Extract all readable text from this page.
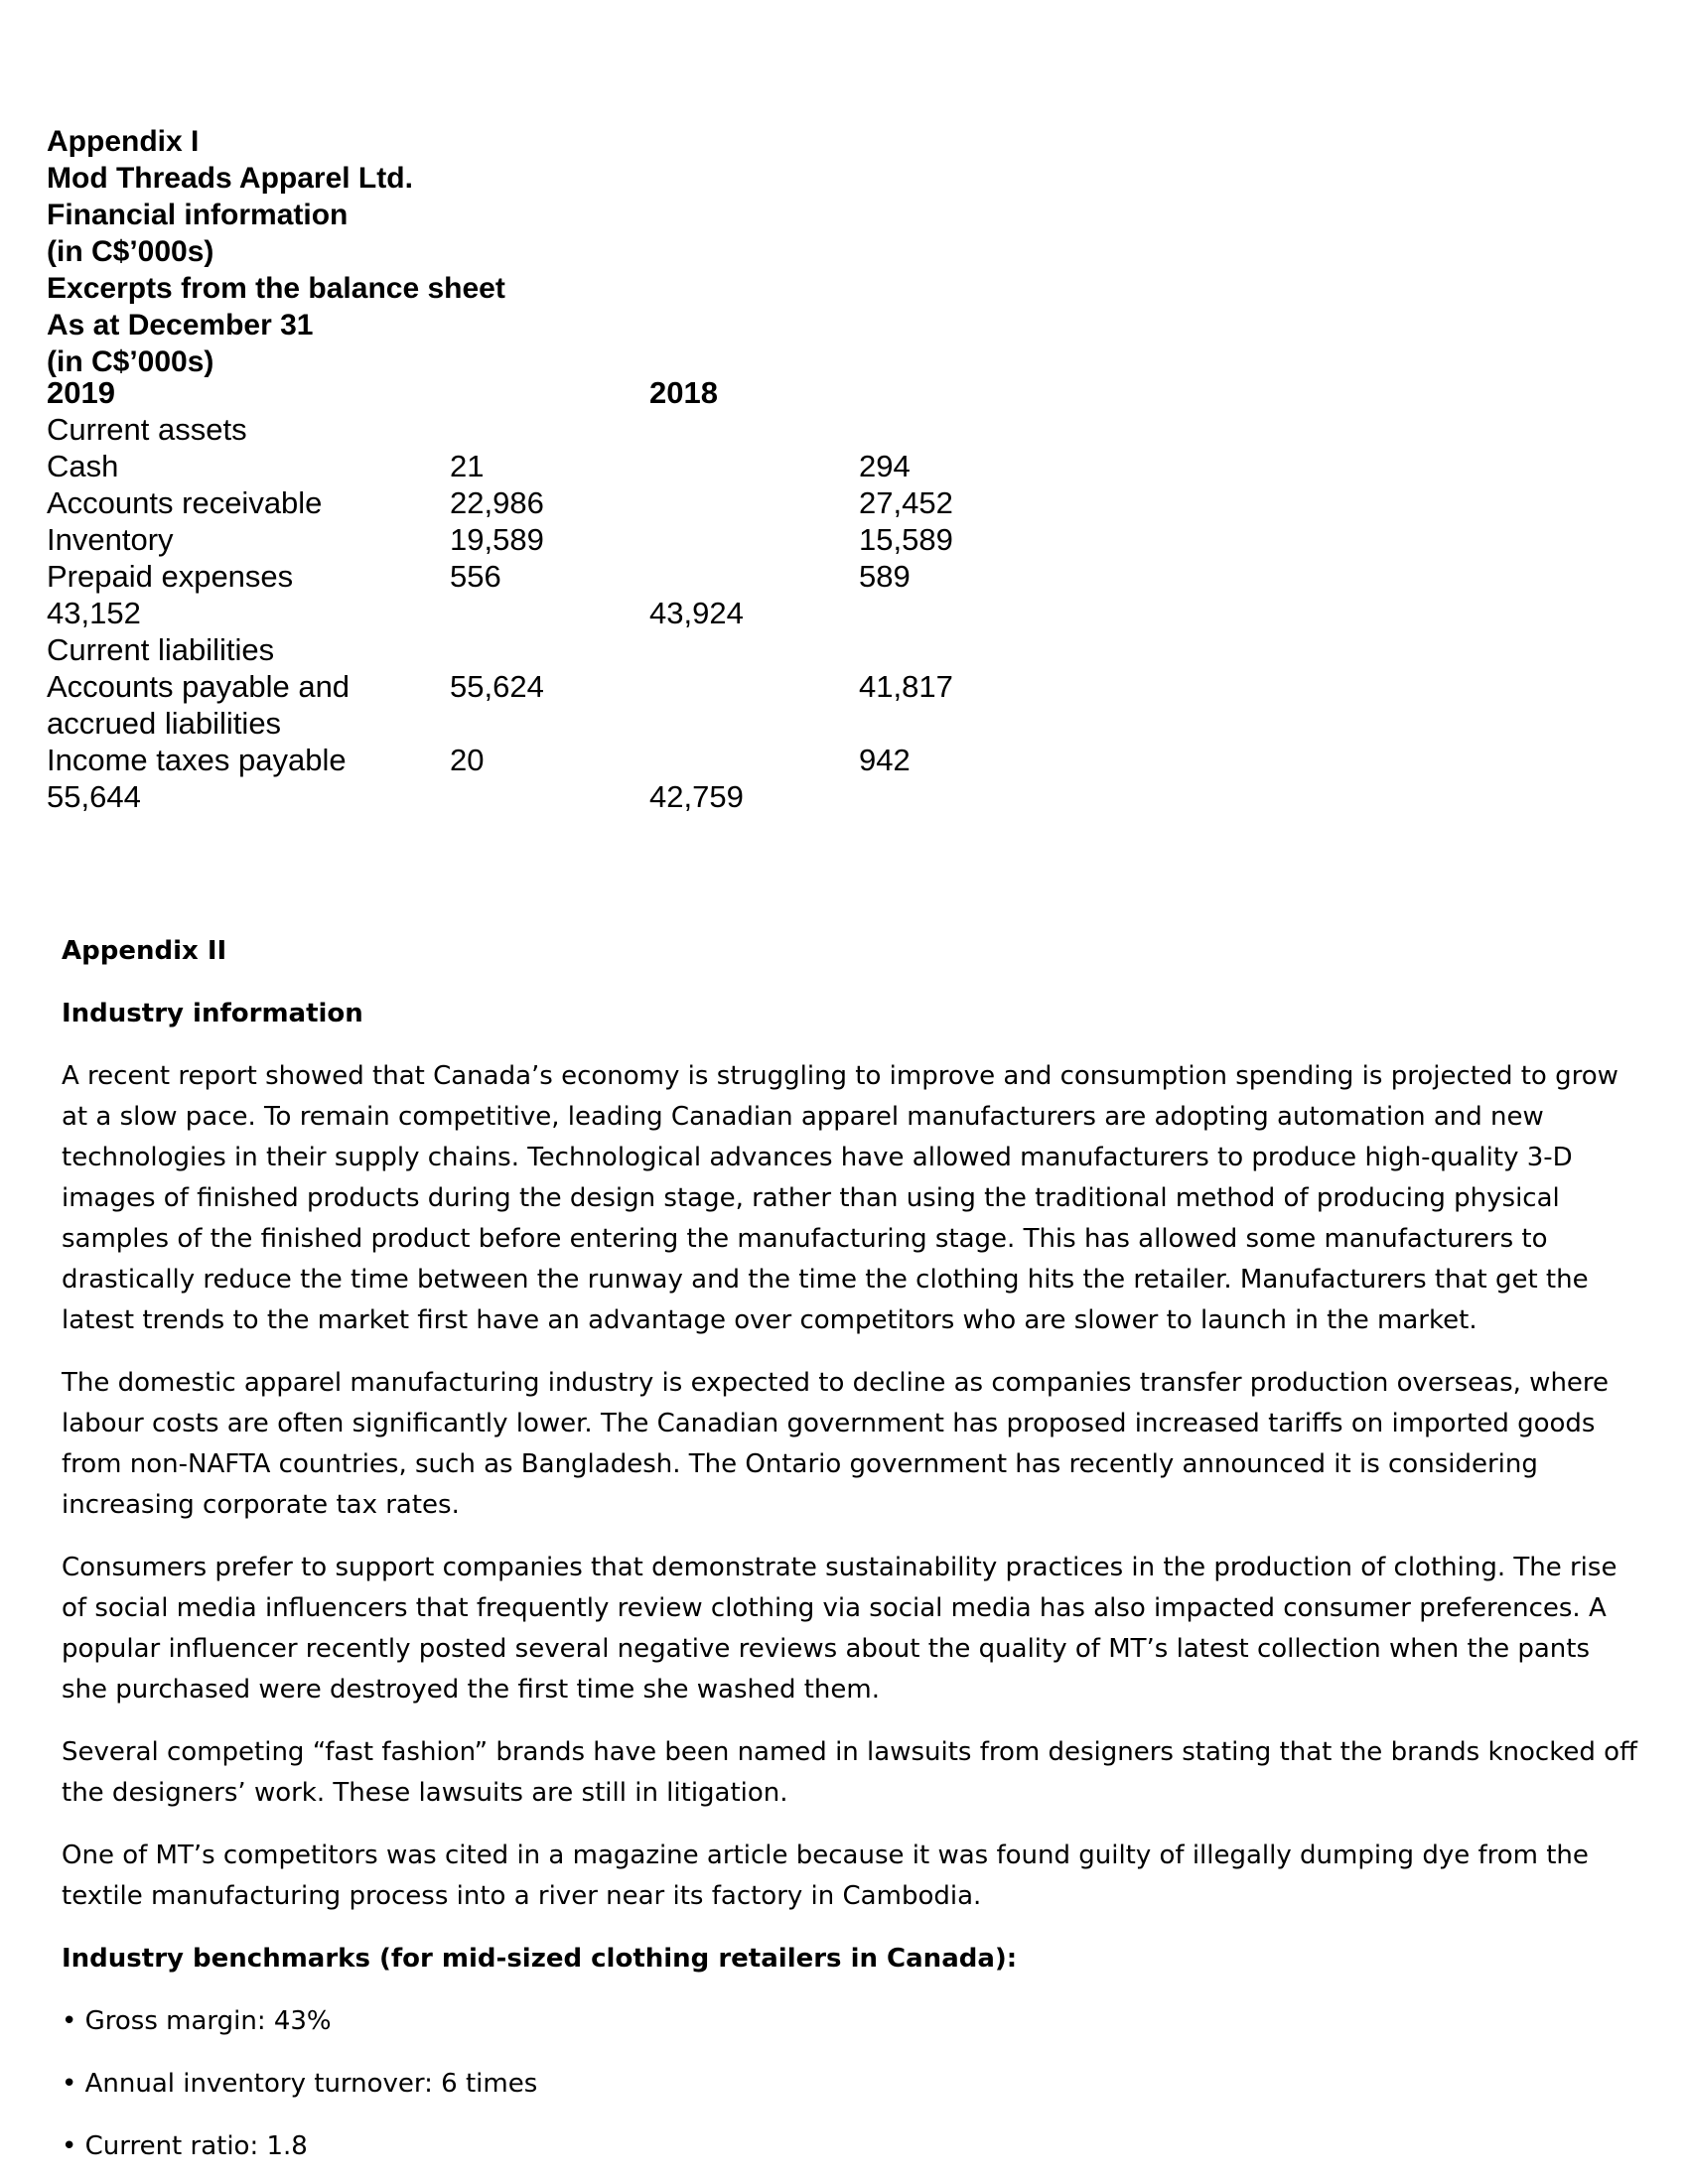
Appendix I
Mod Threads Apparel Ltd.
Financial information
(in C$’000s)
Excerpts from the balance sheet
As at December 31
(in C$’000s)
2019	2018
Current assets
Cash	21	294
Accounts receivable	22,986	27,452
Inventory	19,589	15,589
Prepaid expenses	556	589
43,152	43,924
Current liabilities
Accounts payable and
accrued liabilities
55,624	41,817
Income taxes payable	20	942
55,644	42,759
Appendix II
Industry information

A recent report showed that Canada’s economy is struggling to improve and consumption spending is projected to grow at a slow pace. To remain competitive, leading Canadian apparel manufacturers are adopting automation and new technologies in their supply chains. Technological advances have allowed manufacturers to produce high-quality 3-D images of finished products during the design stage, rather than using the traditional method of producing physical samples of the finished product before entering the manufacturing stage. This has allowed some manufacturers to drastically reduce the time between the runway and the time the clothing hits the retailer. Manufacturers that get the latest trends to the market first have an advantage over competitors who are slower to launch in the market.

The domestic apparel manufacturing industry is expected to decline as companies transfer production overseas, where labour costs are often significantly lower. The Canadian government has proposed increased tariffs on imported goods from non-NAFTA countries, such as Bangladesh. The Ontario government has recently announced it is considering increasing corporate tax rates.

Consumers prefer to support companies that demonstrate sustainability practices in the production of clothing. The rise of social media influencers that frequently review clothing via social media has also impacted consumer preferences. A popular influencer recently posted several negative reviews about the quality of MT’s latest collection when the pants she purchased were destroyed the first time she washed them.

Several competing “fast fashion” brands have been named in lawsuits from designers stating that the brands knocked off the designers’ work. These lawsuits are still in litigation.

One of MT’s competitors was cited in a magazine article because it was found guilty of illegally dumping dye from the textile manufacturing process into a river near its factory in Cambodia.

Industry benchmarks (for mid-sized clothing retailers in Canada):
• Gross margin: 43%
• Annual inventory turnover: 6 times
• Current ratio: 1.8
